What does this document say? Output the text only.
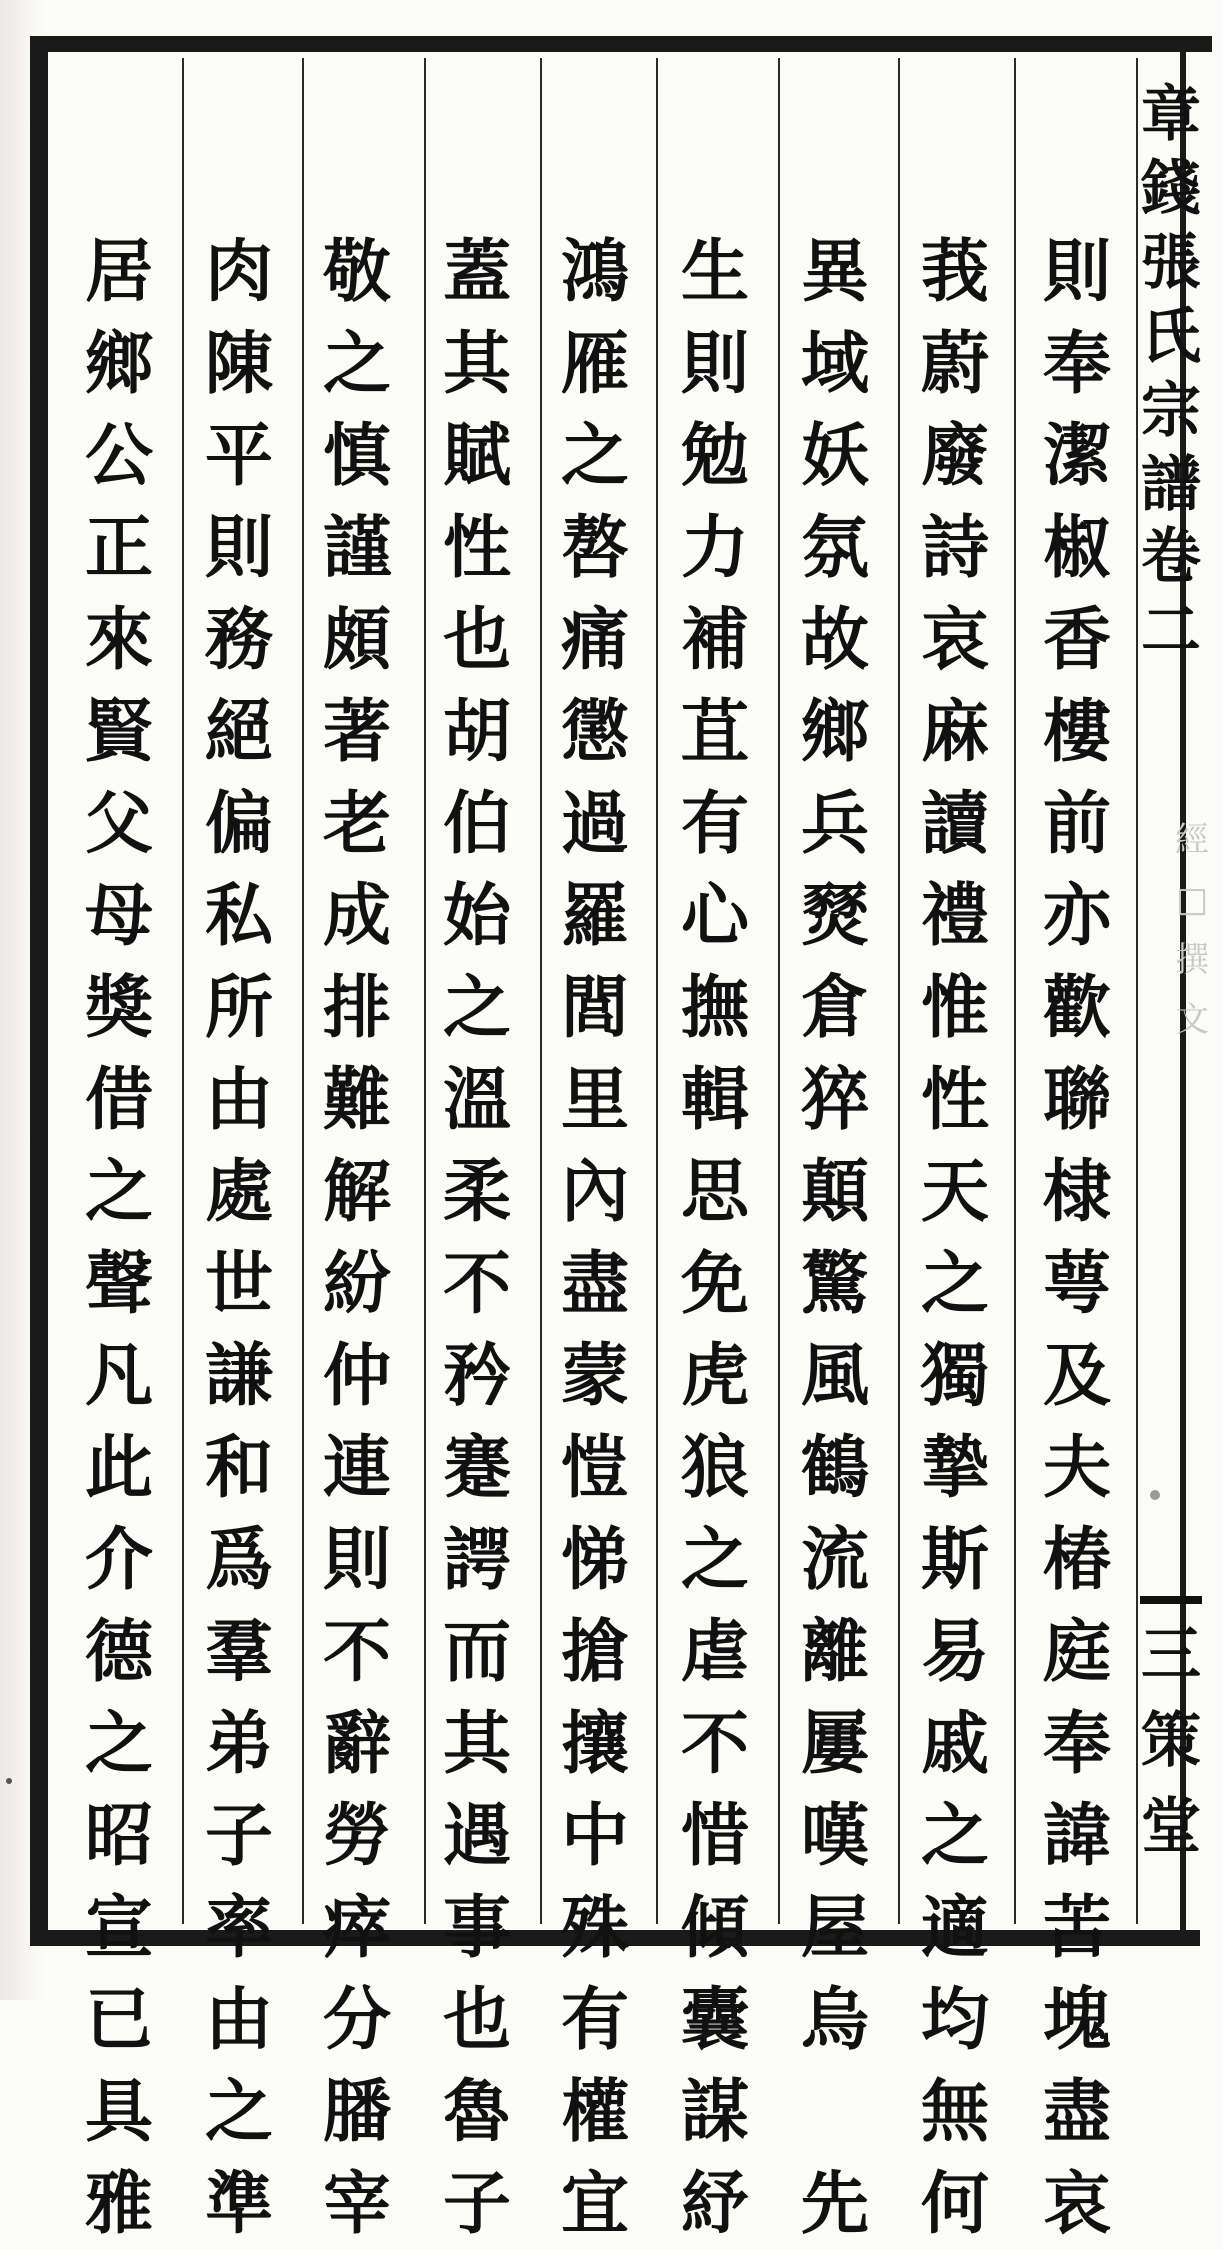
則
奉
潔
椒
香
樓
前
亦
歡
聯
棣
萼
及
夫
椿
庭
奉
諱
苦
塊
盡
哀
莪
蔚
廢
詩
哀
麻
讀
禮
惟
性
天
之
獨
摯
斯
易
戚
之
適
均
無
何
異
域
妖
氛
故
鄉
兵
燹
倉
猝
顛
驚
風
鶴
流
離
屢
嘆
屋
烏

先
生
則
勉
力
補
苴
有
心
撫
輯
思
免
虎
狼
之
虐
不
惜
傾
囊
謀
紓
鴻
雁
之
嗸
痛
懲
過
羅
閭
里
內
盡
蒙
愷
悌
搶
攘
中
殊
有
權
宜
蓋
其
賦
性
也
胡
伯
始
之
溫
柔
不
矜
蹇
諤
而
其
遇
事
也
魯
子
敬
之
慎
謹
頗
著
老
成
排
難
解
紛
仲
連
則
不
辭
勞
瘁
分
膰
宰
肉
陳
平
則
務
絕
偏
私
所
由
處
世
謙
和
爲
羣
弟
子
率
由
之
準
居
鄉
公
正
來
賢
父
母
獎
借
之
聲
凡
此
介
德
之
昭
宣
已
具
雅
章
錢
張
氏
宗
譜
卷
二
經
□
撰
文
三
策
堂
